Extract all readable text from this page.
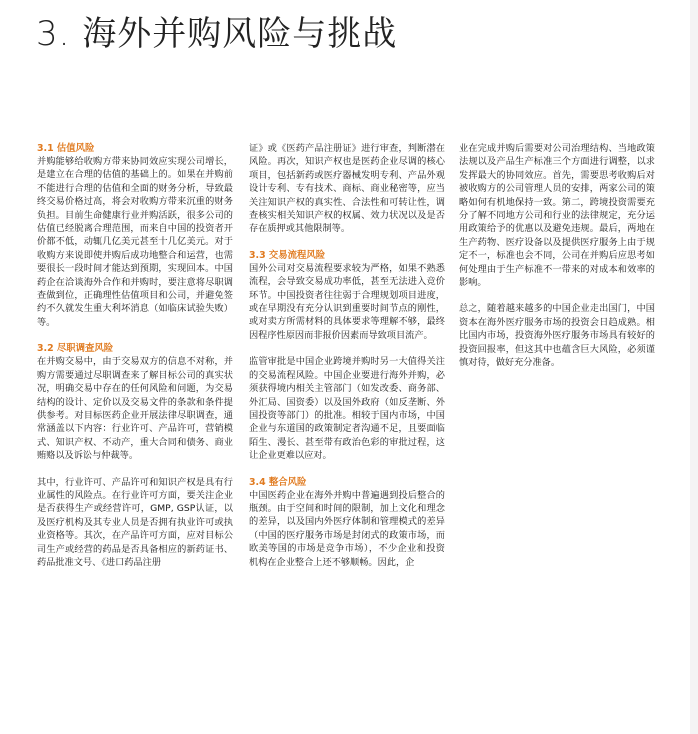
3. 海外并购风险与挑战

3.1 估值风险

并购能够给收购方带来协同效应实现公司增长，是建立在合理的估值的基础上的。如果在并购前不能进行合理的估值和全面的财务分析，导致最终交易价格过高，将会对收购方带来沉重的财务负担。目前生命健康行业并购活跃，很多公司的估值已经脱离合理范围，而来自中国的投资者开价都不低，动辄几亿美元甚至十几亿美元。对于收购方来说即使并购后成功地整合和运营，也需要很长一段时间才能达到预期，实现回本。中国药企在洽谈海外合作和并购时，要注意将尽职调查做到位，正确理性估值项目和公司，并避免签约不久就发生重大利坏消息（如临床试验失败）等。

3.2 尽职调查风险

在并购交易中，由于交易双方的信息不对称，并购方需要通过尽职调查来了解目标公司的真实状况，明确交易中存在的任何风险和问题，为交易结构的设计、定价以及交易文件的条款和条件提供参考。对目标医药企业开展法律尽职调查，通常涵盖以下内容：行业许可、产品许可，营销模式、知识产权、不动产，重大合同和债务、商业贿赂以及诉讼与仲裁等。

其中，行业许可、产品许可和知识产权是具有行业属性的风险点。在行业许可方面，要关注企业是否获得生产或经营许可，GMP, GSP认证，以及医疗机构及其专业人员是否拥有执业许可或执业资格等。其次，在产品许可方面，应对目标公司生产或经营的药品是否具备相应的新药证书、药品批准文号、《进口药品注册

证》或《医药产品注册证》进行审查，判断潜在风险。再次，知识产权也是医药企业尽调的核心项目，包括新药或医疗器械发明专利、产品外观设计专利、专有技术、商标、商业秘密等，应当关注知识产权的真实性、合法性和可转让性，调查核实相关知识产权的权属、效力状况以及是否存在质押或其他限制等。

3.3 交易流程风险

国外公司对交易流程要求较为严格，如果不熟悉流程，会导致交易成功率低，甚至无法进入竞价环节。中国投资者往往弱于合理规划项目进度，或在早期没有充分认识到重要时间节点的刚性，或对卖方所需材料的具体要求等理解不够，最终因程序性原因而非报价因素而导致项目流产。

监管审批是中国企业跨境并购时另一大值得关注的交易流程风险。中国企业要进行海外并购，必须获得境内相关主管部门（如发改委、商务部、外汇局、国资委）以及国外政府（如反垄断、外国投资等部门）的批准。相较于国内市场，中国企业与东道国的政策制定者沟通不足，且要面临陌生、漫长、甚至带有政治色彩的审批过程，这让企业更难以应对。

3.4 整合风险

中国医药企业在海外并购中普遍遇到投后整合的瓶颈。由于空间和时间的限制，加上文化和理念的差异，以及国内外医疗体制和管理模式的差异（中国的医疗服务市场是封闭式的政策市场，而欧美等国的市场是竞争市场），不少企业和投资机构在企业整合上还不够顺畅。因此，企

业在完成并购后需要对公司治理结构、当地政策法规以及产品生产标准三个方面进行调整，以求发挥最大的协同效应。首先，需要思考收购后对被收购方的公司管理人员的安排，两家公司的策略如何有机地保持一致。第二，跨境投资需要充分了解不同地方公司和行业的法律规定，充分运用政策给予的优惠以及避免违规。最后，两地在生产药物、医疗设备以及提供医疗服务上由于规定不一，标准也会不同，公司在并购后应思考如何处理由于生产标准不一带来的对成本和效率的影响。

总之，随着越来越多的中国企业走出国门，中国资本在海外医疗服务市场的投资会日趋成熟。相比国内市场，投资海外医疗服务市场具有较好的投资回报率，但这其中也蕴含巨大风险，必须谨慎对待，做好充分准备。
